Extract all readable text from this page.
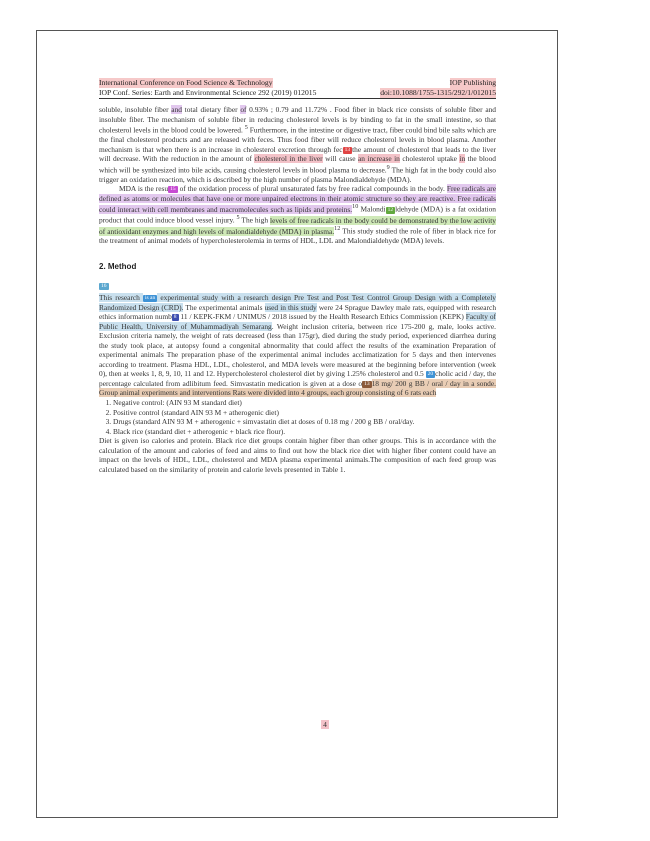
International Conference on Food Science & Technology	IOP Publishing
IOP Conf. Series: Earth and Environmental Science 292 (2019) 012015	doi:10.1088/1755-1315/292/1/012015

soluble, insoluble fiber and total dietary fiber of 0.93% ; 0.79 and 11.72% . Food fiber in black rice consists of soluble fiber and insoluble fiber. The mechanism of soluble fiber in reducing cholesterol levels is by binding to fat in the small intestine, so that cholesterol levels in the blood could be lowered. $^5$ Furthermore, in the intestine or digestive tract, fiber could bind bile salts which are the final cholesterol products and are released with feces. Thus food fiber will reduce cholesterol levels in blood plasma. Another mechanism is that when there is an increase in cholesterol excretion through fec 13 the amount of cholesterol that leads to the liver will decrease. With the reduction in the amount of cholesterol in the liver will cause an increase in cholesterol uptake in the blood which will be synthesized into bile acids, causing cholesterol levels in blood plasma to decrease.$^9$ The high fat in the body could also trigger an oxidation reaction, which is described by the high number of plasma Malondialdehyde (MDA).

MDA is the resu 15 of the oxidation process of plural unsaturated fats by free radical compounds in the body. Free radicals are defined as atoms or molecules that have one or more unpaired electrons in their atomic structure so they are reactive. Free radicals could interact with cell membranes and macromolecules such as lipids and proteins.$^{10}$ Malondi 12 ldehyde (MDA) is a fat oxidation product that could induce blood vessel injury. $^5$ The high levels of free radicals in the body could be demonstrated by the low activity of antioxidant enzymes and high levels of malondialdehyde (MDA) in plasma.$^{12}$ This study studied the role of fiber in black rice for the treatment of animal models of hypercholesterolemia in terms of HDL, LDL and Malondialdehyde (MDA) levels.

2. Method
16

This research is an experimental study with a research design Pre Test and Post Test Control Group Design with a Completely Randomized Design (CRD). The experimental animals used in this study were 24 Sprague Dawley male rats, equipped with research ethics information numb 8 11 / KEPK-FKM / UNIMUS / 2018 issued by the Health Research Ethics Commission (KEPK) Faculty of Public Health, University of Muhammadiyah Semarang. Weight inclusion criteria, between rice 175-200 g, male, looks active. Exclusion criteria namely, the weight of rats decreased (less than 175gr), died during the study period, experienced diarrhea during the study took place, at autopsy found a congenital abnormality that could affect the results of the examination Preparation of experimental animals The preparation phase of the experimental animal includes acclimatization for 5 days and then intervenes according to treatment. Plasma HDL, LDL, cholesterol, and MDA levels were measured at the beginning before intervention (week 0), then at weeks 1, 8, 9, 10, 11 and 12. Hypercholesterol cholesterol diet by giving 1.25% cholesterol and 0.5 20 cholic acid / day, the percentage calculated from adlibitum feed. Simvastatin medication is given at a dose o 13 18 mg/ 200 g BB / oral / day in a sonde. Group animal experiments and interventions Rats were divided into 4 groups, each group consisting of 6 rats each

1. Negative control: (AIN 93 M standard diet)
2. Positive control (standard AIN 93 M + atherogenic diet)
3. Drugs (standard AIN 93 M + atherogenic + simvastatin diet at doses of 0.18 mg / 200 g BB / oral/day.
4. Black rice (standard diet + atherogenic + black rice flour).

Diet is given iso calories and protein. Black rice diet groups contain higher fiber than other groups. This is in accordance with the calculation of the amount and calories of feed and aims to find out how the black rice diet with higher fiber content could have an impact on the levels of HDL, LDL, cholesterol and MDA plasma experimental animals.The composition of each feed group was calculated based on the similarity of protein and calorie levels presented in Table 1.

4
